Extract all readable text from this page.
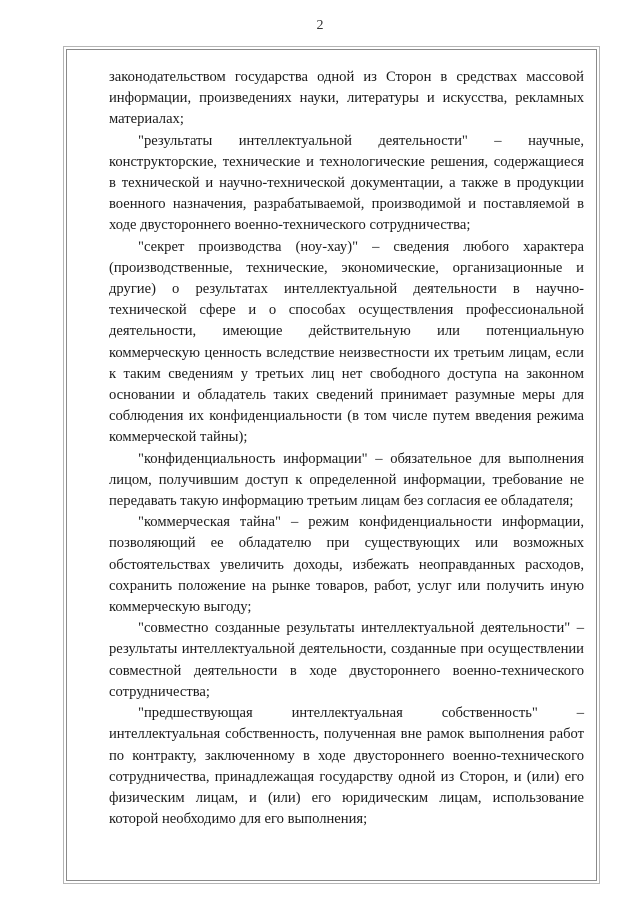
2

законодательством государства одной из Сторон в средствах массовой информации, произведениях науки, литературы и искусства, рекламных материалах;

"результаты интеллектуальной деятельности" – научные, конструкторские, технические и технологические решения, содержащиеся в технической и научно-технической документации, а также в продукции военного назначения, разрабатываемой, производимой и поставляемой в ходе двустороннего военно-технического сотрудничества;

"секрет производства (ноу-хау)" – сведения любого характера (производственные, технические, экономические, организационные и другие) о результатах интеллектуальной деятельности в научно-технической сфере и о способах осуществления профессиональной деятельности, имеющие действительную или потенциальную коммерческую ценность вследствие неизвестности их третьим лицам, если к таким сведениям у третьих лиц нет свободного доступа на законном основании и обладатель таких сведений принимает разумные меры для соблюдения их конфиденциальности (в том числе путем введения режима коммерческой тайны);

"конфиденциальность информации" – обязательное для выполнения лицом, получившим доступ к определенной информации, требование не передавать такую информацию третьим лицам без согласия ее обладателя;

"коммерческая тайна" – режим конфиденциальности информации, позволяющий ее обладателю при существующих или возможных обстоятельствах увеличить доходы, избежать неоправданных расходов, сохранить положение на рынке товаров, работ, услуг или получить иную коммерческую выгоду;

"совместно созданные результаты интеллектуальной деятельности" – результаты интеллектуальной деятельности, созданные при осуществлении совместной деятельности в ходе двустороннего военно-технического сотрудничества;

"предшествующая интеллектуальная собственность" – интеллектуальная собственность, полученная вне рамок выполнения работ по контракту, заключенному в ходе двустороннего военно-технического сотрудничества, принадлежащая государству одной из Сторон, и (или) его физическим лицам, и (или) его юридическим лицам, использование которой необходимо для его выполнения;
